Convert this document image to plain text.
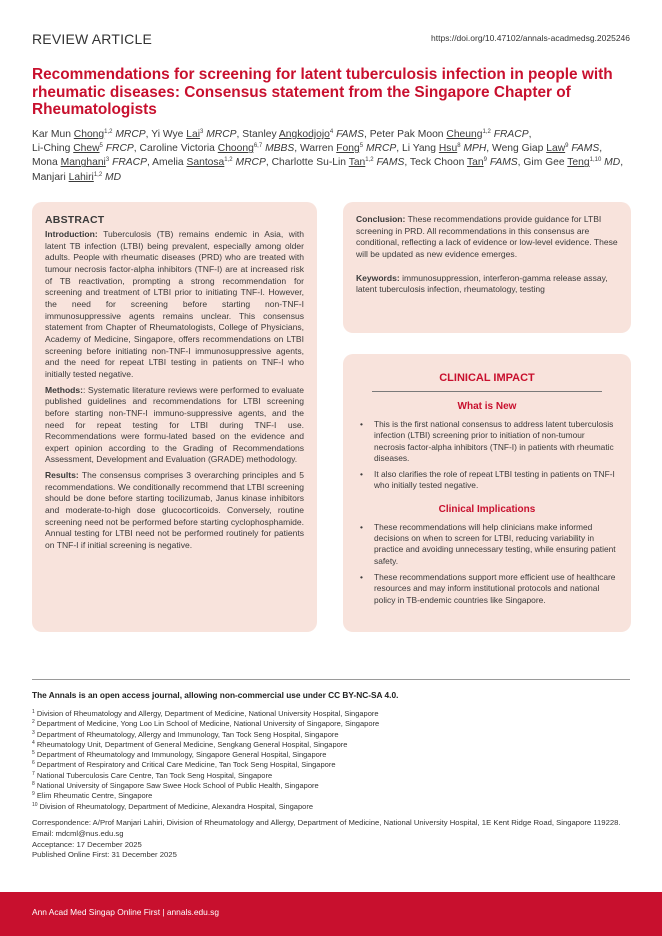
REVIEW ARTICLE	https://doi.org/10.47102/annals-acadmedsg.2025246
Recommendations for screening for latent tuberculosis infection in people with rheumatic diseases: Consensus statement from the Singapore Chapter of Rheumatologists
Kar Mun Chong$^{1,2}$ MRCP, Yi Wye Lai$^3$ MRCP, Stanley Angkodjojo$^4$ FAMS, Peter Pak Moon Cheung$^{1,2}$ FRACP, Li-Ching Chew$^5$ FRCP, Caroline Victoria Choong$^{6,7}$ MBBS, Warren Fong$^5$ MRCP, Li Yang Hsu$^8$ MPH, Weng Giap Law$^9$ FAMS, Mona Manghani$^3$ FRACP, Amelia Santosa$^{1,2}$ MRCP, Charlotte Su-Lin Tan$^{1,2}$ FAMS, Teck Choon Tan$^9$ FAMS, Gim Gee Teng$^{1,10}$ MD, Manjari Lahiri$^{1,2}$ MD
ABSTRACT

Introduction: Tuberculosis (TB) remains endemic in Asia, with latent TB infection (LTBI) being prevalent, especially among older adults. People with rheumatic diseases (PRD) who are treated with tumour necrosis factor-alpha inhibitors (TNF-I) are at increased risk of TB reactivation, prompting a strong recommendation for screening and treatment of LTBI prior to initiating TNF-I. However, the need for screening before starting non-TNF-I immunosuppressive agents remains unclear. This consensus statement from Chapter of Rheumatologists, College of Physicians, Academy of Medicine, Singapore, offers recommendations on LTBI screening before initiating non-TNF-I immunosuppressive agents, and the need for repeat LTBI testing in patients on TNF-I who initially tested negative.

Methods:: Systematic literature reviews were performed to evaluate published guidelines and recommendations for LTBI screening before starting non-TNF-I immuno-suppressive agents, and the need for repeat testing for LTBI during TNF-I use. Recommendations were formu-lated based on the evidence and expert opinion according to the Grading of Recommendations Assessment, Development and Evaluation (GRADE) methodology.

Results: The consensus comprises 3 overarching principles and 5 recommendations. We conditionally recommend that LTBI screening should be done before starting tocilizumab, Janus kinase inhibitors and moderate-to-high dose glucocorticoids. Conversely, routine screening need not be performed before starting cyclophosphamide. Annual testing for LTBI need not be performed routinely for patients on TNF-I if initial screening is negative.

Conclusion: These recommendations provide guidance for LTBI screening in PRD. All recommendations in this consensus are conditional, reflecting a lack of evidence or low-level evidence. These will be updated as new evidence emerges.

Keywords: immunosuppression, interferon-gamma release assay, latent tuberculosis infection, rheumatology, testing

CLINICAL IMPACT
What is New
• This is the first national consensus to address latent tuberculosis infection (LTBI) screening prior to initiation of non-tumour necrosis factor-alpha inhibitors (TNF-I) in patients with rheumatic diseases.
• It also clarifies the role of repeat LTBI testing in patients on TNF-I who initially tested negative.
Clinical Implications
• These recommendations will help clinicians make informed decisions on when to screen for LTBI, reducing variability in practice and avoiding unnecessary testing, while ensuring patient safety.
• These recommendations support more efficient use of healthcare resources and may inform institutional protocols and national policy in TB-endemic countries like Singapore.
The Annals is an open access journal, allowing non-commercial use under CC BY-NC-SA 4.0.
$^1$ Division of Rheumatology and Allergy, Department of Medicine, National University Hospital, Singapore
$^2$ Department of Medicine, Yong Loo Lin School of Medicine, National University of Singapore, Singapore
$^3$ Department of Rheumatology, Allergy and Immunology, Tan Tock Seng Hospital, Singapore
$^4$ Rheumatology Unit, Department of General Medicine, Sengkang General Hospital, Singapore
$^5$ Department of Rheumatology and Immunology, Singapore General Hospital, Singapore
$^6$ Department of Respiratory and Critical Care Medicine, Tan Tock Seng Hospital, Singapore
$^7$ National Tuberculosis Care Centre, Tan Tock Seng Hospital, Singapore
$^8$ National University of Singapore Saw Swee Hock School of Public Health, Singapore
$^9$ Elim Rheumatic Centre, Singapore
$^{10}$ Division of Rheumatology, Department of Medicine, Alexandra Hospital, Singapore
Correspondence: A/Prof Manjari Lahiri, Division of Rheumatology and Allergy, Department of Medicine, National University Hospital, 1E Kent Ridge Road, Singapore 119228. Email: mdcml@nus.edu.sg
Acceptance: 17 December 2025
Published Online First: 31 December 2025
Ann Acad Med Singap Online First | annals.edu.sg
